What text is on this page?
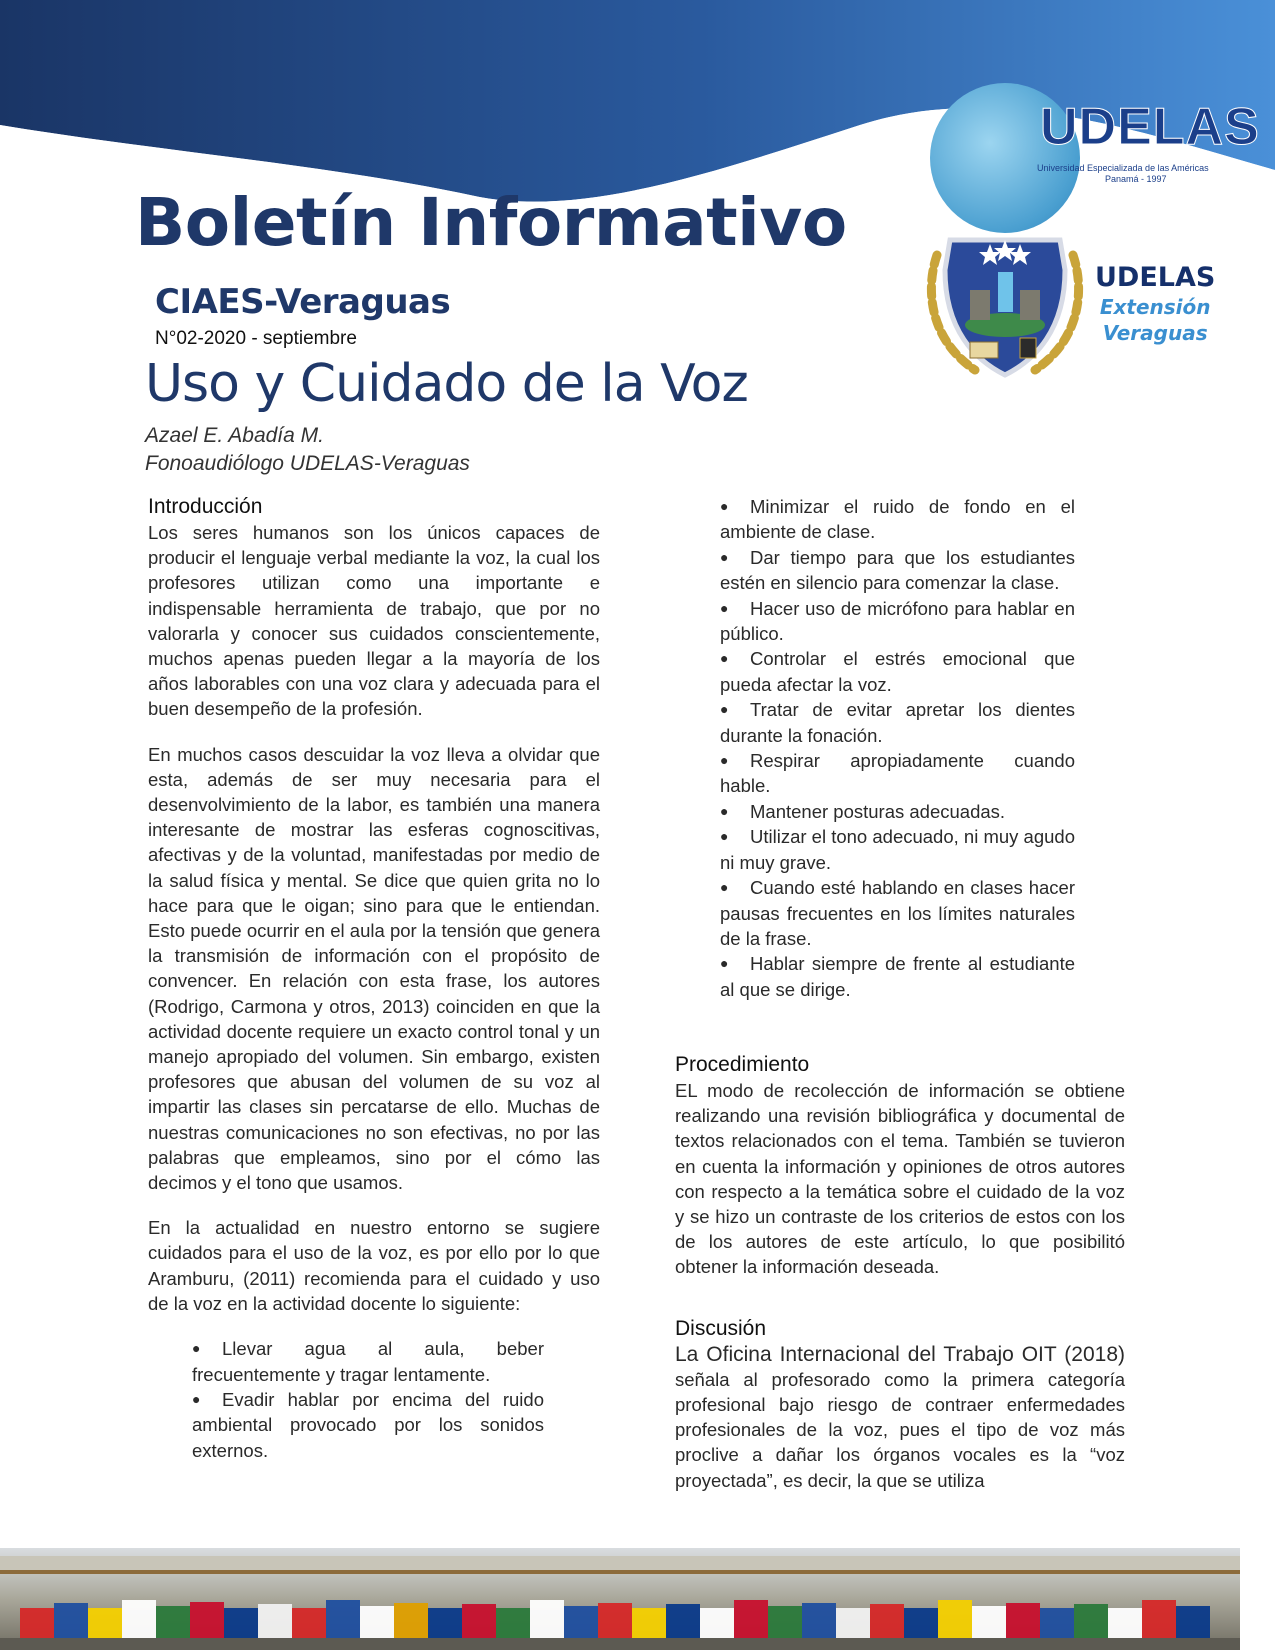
UDELAS
Universidad Especializada de las Américas
Panamá - 1997
UDELAS
Extensión
Veraguas
Boletín Informativo
CIAES-Veraguas
N°02-2020 - septiembre
Uso y Cuidado de la Voz
Azael E. Abadía M.
Fonoaudiólogo UDELAS-Veraguas
Introducción

Los seres humanos son los únicos capaces de producir el lenguaje verbal mediante la voz, la cual los profesores utilizan como una importante e indispensable herramienta de trabajo, que por no valorarla y conocer sus cuidados conscientemente, muchos apenas pueden llegar a la mayoría de los años laborables con una voz clara y adecuada para el buen desempeño de la profesión.

En muchos casos descuidar la voz lleva a olvidar que esta, además de ser muy necesaria para el desenvolvimiento de la labor, es también una manera interesante de mostrar las esferas cognoscitivas, afectivas y de la voluntad, manifestadas por medio de la salud física y mental. Se dice que quien grita no lo hace para que le oigan; sino para que le entiendan. Esto puede ocurrir en el aula por la tensión que genera la transmisión de información con el propósito de convencer. En relación con esta frase, los autores (Rodrigo, Carmona y otros, 2013) coinciden en que la actividad docente requiere un exacto control tonal y un manejo apropiado del volumen. Sin embargo, existen profesores que abusan del volumen de su voz al impartir las clases sin percatarse de ello. Muchas de nuestras comunicaciones no son efectivas, no por las palabras que empleamos, sino por el cómo las decimos y el tono que usamos.

En la actualidad en nuestro entorno se sugiere cuidados para el uso de la voz, es por ello por lo que Aramburu, (2011) recomienda para el cuidado y uso de la voz en la actividad docente lo siguiente:

● Llevar agua al aula, beber frecuentemente y tragar lentamente.
● Evadir hablar por encima del ruido ambiental provocado por los sonidos externos.
● Minimizar el ruido de fondo en el ambiente de clase.
● Dar tiempo para que los estudiantes estén en silencio para comenzar la clase.
● Hacer uso de micrófono para hablar en público.
● Controlar el estrés emocional que pueda afectar la voz.
● Tratar de evitar apretar los dientes durante la fonación.
● Respirar apropiadamente cuando hable.
● Mantener posturas adecuadas.
● Utilizar el tono adecuado, ni muy agudo ni muy grave.
● Cuando esté hablando en clases hacer pausas frecuentes en los límites naturales de la frase.
● Hablar siempre de frente al estudiante al que se dirige.
Procedimiento

EL modo de recolección de información se obtiene realizando una revisión bibliográfica y documental de textos relacionados con el tema. También se tuvieron en cuenta la información y opiniones de otros autores con respecto a la temática sobre el cuidado de la voz y se hizo un contraste de los criterios de estos con los de los autores de este artículo, lo que posibilitó obtener la información deseada.

Discusión

La Oficina Internacional del Trabajo OIT (2018) señala al profesorado como la primera categoría profesional bajo riesgo de contraer enfermedades profesionales de la voz, pues el tipo de voz más proclive a dañar los órganos vocales es la “voz proyectada”, es decir, la que se utiliza
